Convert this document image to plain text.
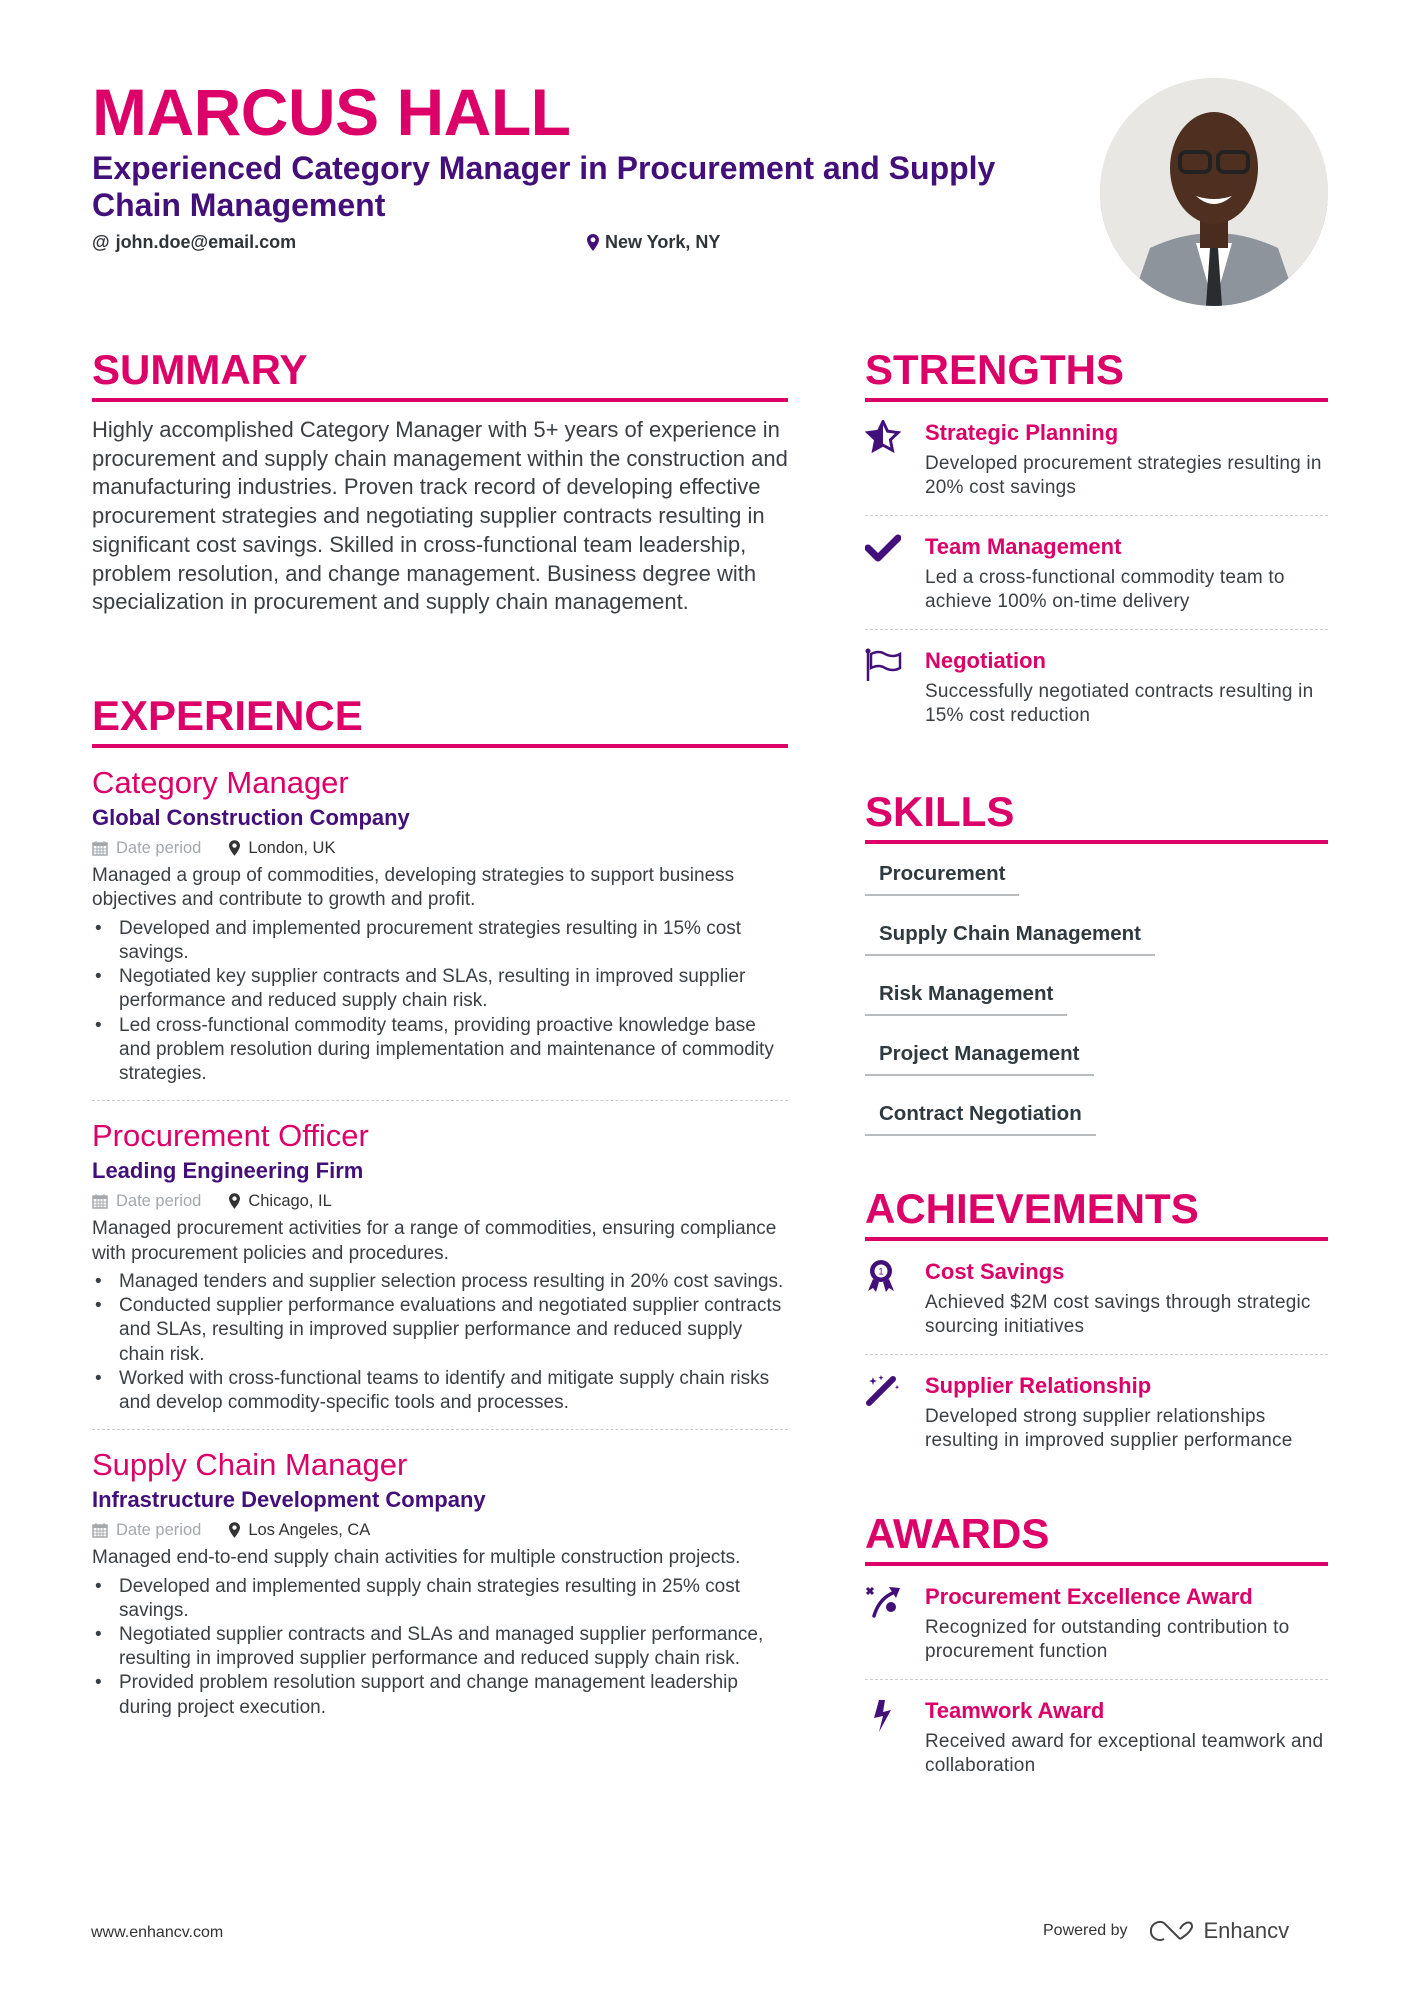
MARCUS HALL
Experienced Category Manager in Procurement and Supply Chain Management
@ john.doe@email.com	New York, NY
SUMMARY

Highly accomplished Category Manager with 5+ years of experience in procurement and supply chain management within the construction and manufacturing industries. Proven track record of developing effective procurement strategies and negotiating supplier contracts resulting in significant cost savings. Skilled in cross-functional team leadership, problem resolution, and change management. Business degree with specialization in procurement and supply chain management.

EXPERIENCE
Category Manager
Global Construction Company
Date period	London, UK
Managed a group of commodities, developing strategies to support business objectives and contribute to growth and profit.
• Developed and implemented procurement strategies resulting in 15% cost savings.
• Negotiated key supplier contracts and SLAs, resulting in improved supplier performance and reduced supply chain risk.
• Led cross-functional commodity teams, providing proactive knowledge base and problem resolution during implementation and maintenance of commodity strategies.
Procurement Officer
Leading Engineering Firm
Date period	Chicago, IL
Managed procurement activities for a range of commodities, ensuring compliance with procurement policies and procedures.
• Managed tenders and supplier selection process resulting in 20% cost savings.
• Conducted supplier performance evaluations and negotiated supplier contracts and SLAs, resulting in improved supplier performance and reduced supply chain risk.
• Worked with cross-functional teams to identify and mitigate supply chain risks and develop commodity-specific tools and processes.
Supply Chain Manager
Infrastructure Development Company
Date period	Los Angeles, CA
Managed end-to-end supply chain activities for multiple construction projects.
• Developed and implemented supply chain strategies resulting in 25% cost savings.
• Negotiated supplier contracts and SLAs and managed supplier performance, resulting in improved supplier performance and reduced supply chain risk.
• Provided problem resolution support and change management leadership during project execution.
STRENGTHS
Strategic Planning
Developed procurement strategies resulting in 20% cost savings
Team Management
Led a cross-functional commodity team to achieve 100% on-time delivery
Negotiation
Successfully negotiated contracts resulting in 15% cost reduction
SKILLS
Procurement
Supply Chain Management
Risk Management
Project Management
Contract Negotiation
ACHIEVEMENTS
1 Cost Savings
Achieved $2M cost savings through strategic sourcing initiatives
Supplier Relationship
Developed strong supplier relationships resulting in improved supplier performance
AWARDS
Procurement Excellence Award
Recognized for outstanding contribution to procurement function
Teamwork Award
Received award for exceptional teamwork and collaboration
www.enhancv.com	Powered by	Enhancv
